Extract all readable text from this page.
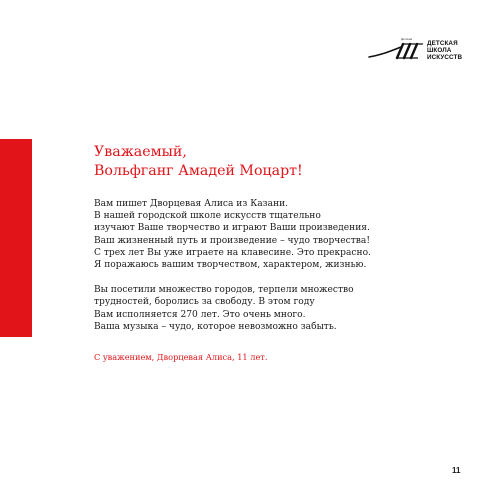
Детская
ДЕТСКАЯ
ШКОЛА
ИСКУССТВ
Уважаемый,
Вольфганг Амадей Моцарт!

Вам пишет Дворцевая Алиса из Казани.
В нашей городской школе искусств тщательно
изучают Ваше творчество и играют Ваши произведения.
Ваш жизненный путь и произведение – чудо творчества!
С трех лет Вы уже играете на клавесине. Это прекрасно.
Я поражаюсь вашим творчеством, характером, жизнью.

Вы посетили множество городов, терпели множество
трудностей, боролись за свободу. В этом году
Вам исполняется 270 лет. Это очень много.
Ваша музыка – чудо, которое невозможно забыть.

С уважением, Дворцевая Алиса, 11 лет.

11
